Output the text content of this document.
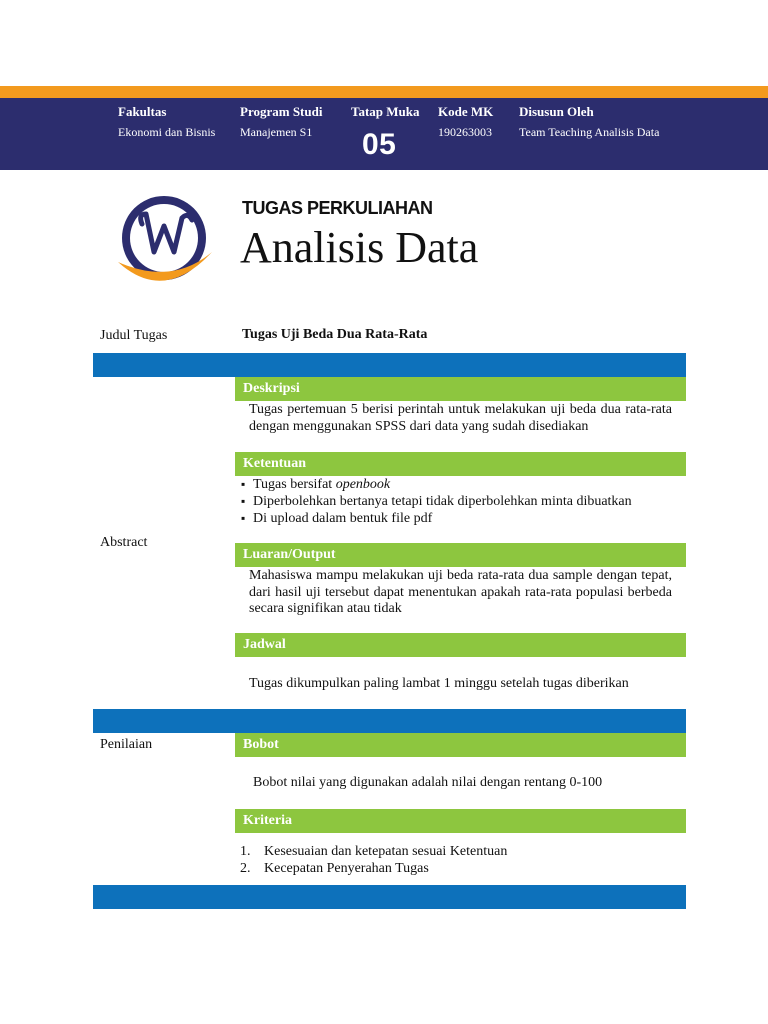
Fakultas
Ekonomi dan Bisnis
Program Studi
Manajemen S1
Tatap Muka
05
Kode MK
190263003
Disusun Oleh
Team Teaching Analisis Data
TUGAS PERKULIAHAN
Analisis Data
Judul Tugas	Tugas Uji Beda Dua Rata-Rata
Abstract
Deskripsi
Tugas pertemuan 5 berisi perintah untuk melakukan uji beda dua rata-rata dengan menggunakan SPSS dari data yang sudah disediakan
Ketentuan
▪ Tugas bersifat openbook
▪ Diperbolehkan bertanya tetapi tidak diperbolehkan minta dibuatkan
▪ Di upload dalam bentuk file pdf
Luaran/Output
Mahasiswa mampu melakukan uji beda rata-rata dua sample dengan tepat, dari hasil uji tersebut dapat menentukan apakah rata-rata populasi berbeda secara signifikan atau tidak
Jadwal
Tugas dikumpulkan paling lambat 1 minggu setelah tugas diberikan
Penilaian	Bobot
Bobot nilai yang digunakan adalah nilai dengan rentang 0-100
Kriteria
1. Kesesuaian dan ketepatan sesuai Ketentuan
2. Kecepatan Penyerahan Tugas
